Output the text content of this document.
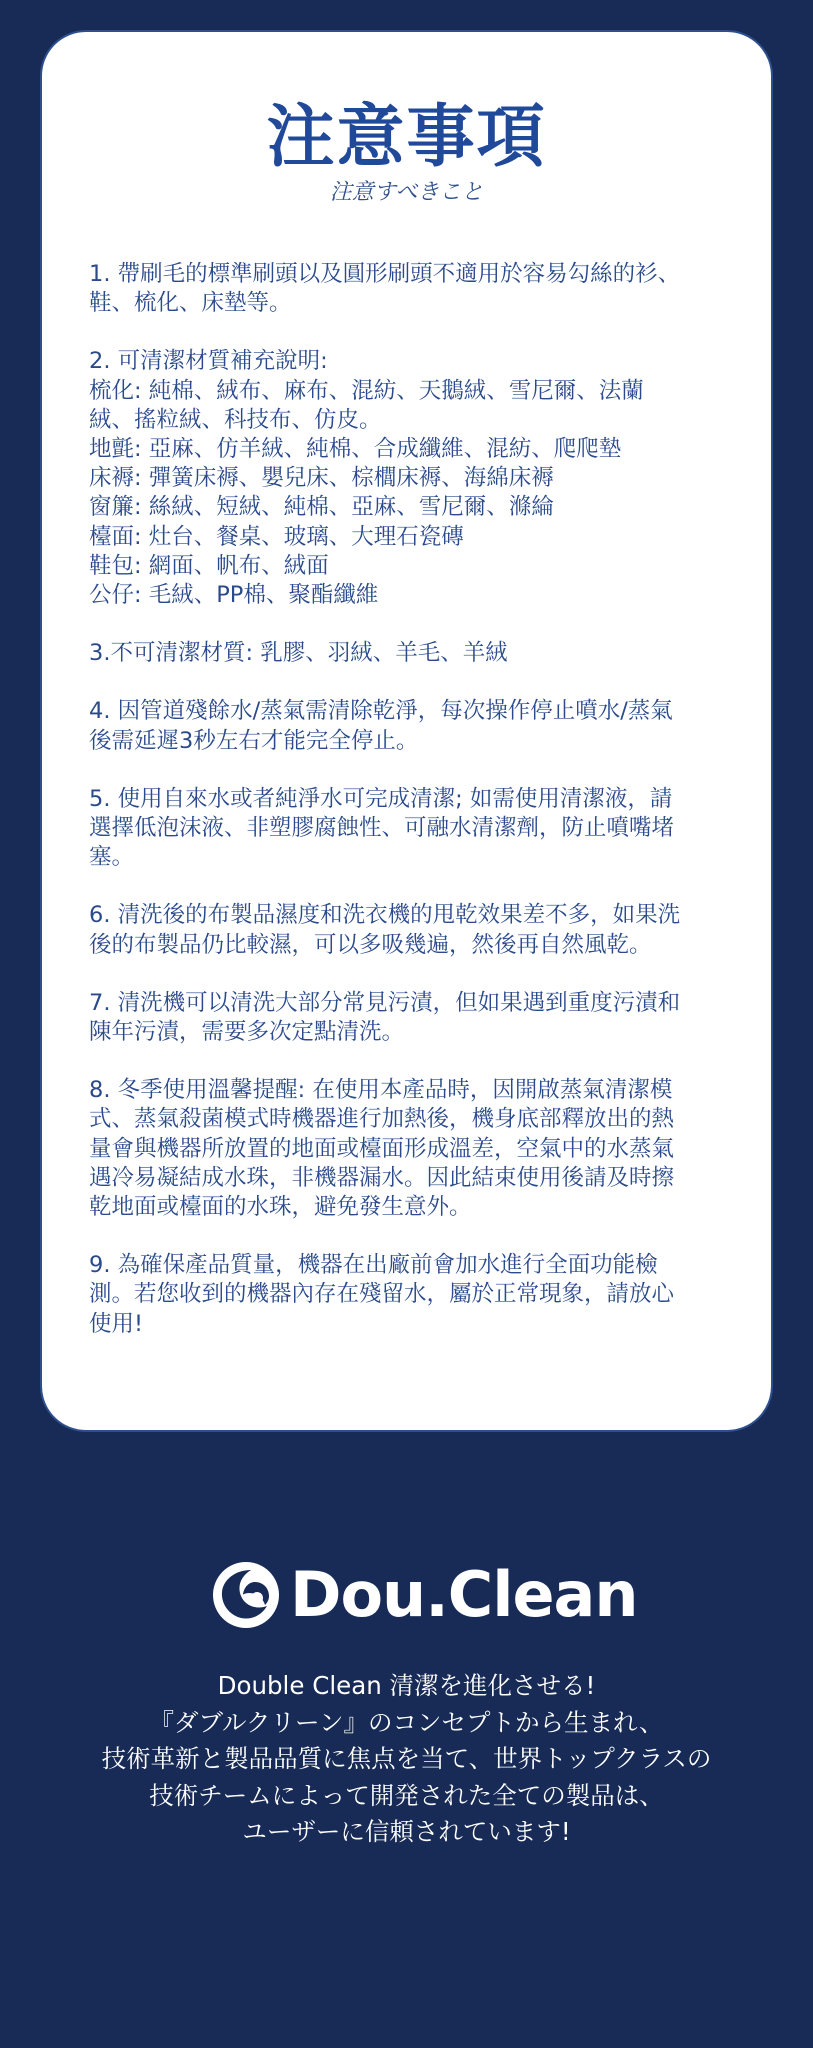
注意事項
注意すべきこと
1. 帶刷毛的標準刷頭以及圓形刷頭不適用於容易勾絲的衫、
鞋、梳化、床墊等。
2. 可清潔材質補充說明:
梳化: 純棉、絨布、麻布、混紡、天鵝絨、雪尼爾、法蘭
絨、搖粒絨、科技布、仿皮。
地氈: 亞麻、仿羊絨、純棉、合成纖維、混紡、爬爬墊
床褥: 彈簧床褥、嬰兒床、棕櫚床褥、海綿床褥
窗簾: 絲絨、短絨、純棉、亞麻、雪尼爾、滌綸
檯面: 灶台、餐桌、玻璃、大理石瓷磚
鞋包: 網面、帆布、絨面
公仔: 毛絨、PP棉、聚酯纖維
3.不可清潔材質: 乳膠、羽絨、羊毛、羊絨
4. 因管道殘餘水/蒸氣需清除乾淨，每次操作停止噴水/蒸氣
後需延遲3秒左右才能完全停止。
5. 使用自來水或者純淨水可完成清潔; 如需使用清潔液，請
選擇低泡沫液、非塑膠腐蝕性、可融水清潔劑，防止噴嘴堵
塞。
6. 清洗後的布製品濕度和洗衣機的甩乾效果差不多，如果洗
後的布製品仍比較濕，可以多吸幾遍，然後再自然風乾。
7. 清洗機可以清洗大部分常見污漬，但如果遇到重度污漬和
陳年污漬，需要多次定點清洗。
8. 冬季使用溫馨提醒: 在使用本產品時，因開啟蒸氣清潔模
式、蒸氣殺菌模式時機器進行加熱後，機身底部釋放出的熱
量會與機器所放置的地面或檯面形成溫差，空氣中的水蒸氣
遇冷易凝結成水珠，非機器漏水。因此結束使用後請及時擦
乾地面或檯面的水珠，避免發生意外。
9. 為確保產品質量，機器在出廠前會加水進行全面功能檢
測。若您收到的機器內存在殘留水，屬於正常現象，請放心
使用!
Dou.Clean
Double Clean 清潔を進化させる!
『ダブルクリーン』のコンセプトから生まれ、
技術革新と製品品質に焦点を当て、世界トップクラスの
技術チームによって開発された全ての製品は、
ユーザーに信頼されています!
